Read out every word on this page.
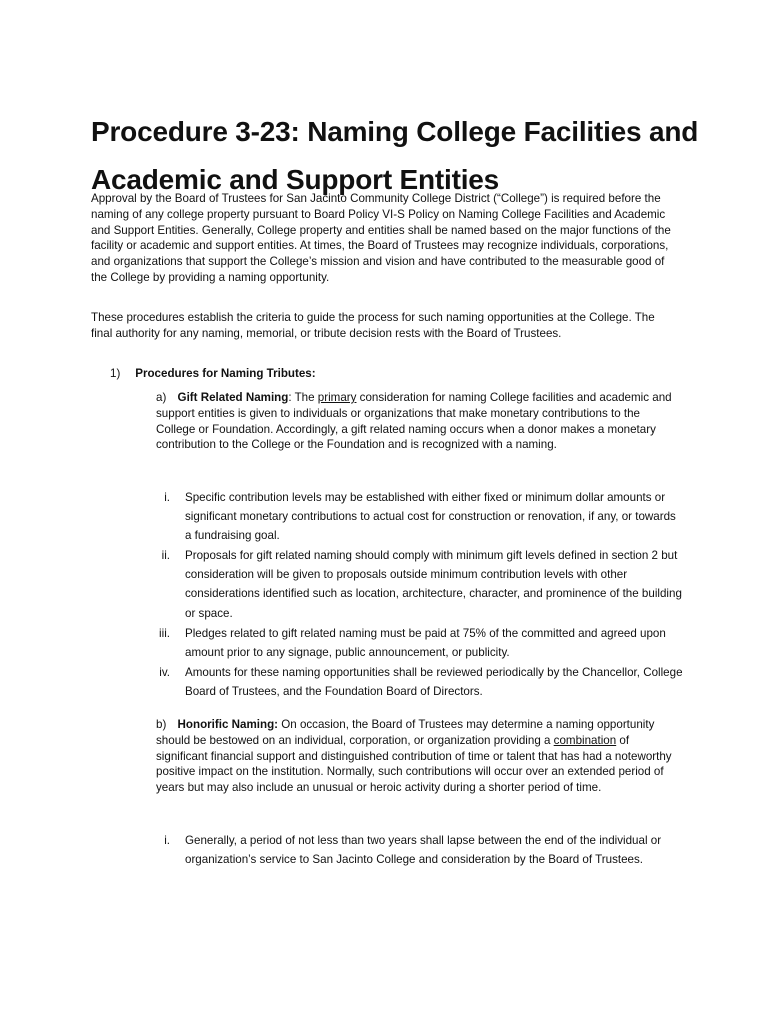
Procedure 3-23: Naming College Facilities and Academic and Support Entities

Approval by the Board of Trustees for San Jacinto Community College District (“College”) is required before the naming of any college property pursuant to Board Policy VI-S Policy on Naming College Facilities and Academic and Support Entities. Generally, College property and entities shall be named based on the major functions of the facility or academic and support entities. At times, the Board of Trustees may recognize individuals, corporations, and organizations that support the College’s mission and vision and have contributed to the measurable good of the College by providing a naming opportunity.

These procedures establish the criteria to guide the process for such naming opportunities at the College. The final authority for any naming, memorial, or tribute decision rests with the Board of Trustees.

1) Procedures for Naming Tributes:

a) Gift Related Naming: The primary consideration for naming College facilities and academic and support entities is given to individuals or organizations that make monetary contributions to the College or Foundation. Accordingly, a gift related naming occurs when a donor makes a monetary contribution to the College or the Foundation and is recognized with a naming.

i. Specific contribution levels may be established with either fixed or minimum dollar amounts or significant monetary contributions to actual cost for construction or renovation, if any, or towards a fundraising goal.
ii. Proposals for gift related naming should comply with minimum gift levels defined in section 2 but consideration will be given to proposals outside minimum contribution levels with other considerations identified such as location, architecture, character, and prominence of the building or space.
iii. Pledges related to gift related naming must be paid at 75% of the committed and agreed upon amount prior to any signage, public announcement, or publicity.
iv. Amounts for these naming opportunities shall be reviewed periodically by the Chancellor, College Board of Trustees, and the Foundation Board of Directors.

b) Honorific Naming: On occasion, the Board of Trustees may determine a naming opportunity should be bestowed on an individual, corporation, or organization providing a combination of significant financial support and distinguished contribution of time or talent that has had a noteworthy positive impact on the institution. Normally, such contributions will occur over an extended period of years but may also include an unusual or heroic activity during a shorter period of time.

i. Generally, a period of not less than two years shall lapse between the end of the individual or organization’s service to San Jacinto College and consideration by the Board of Trustees.
